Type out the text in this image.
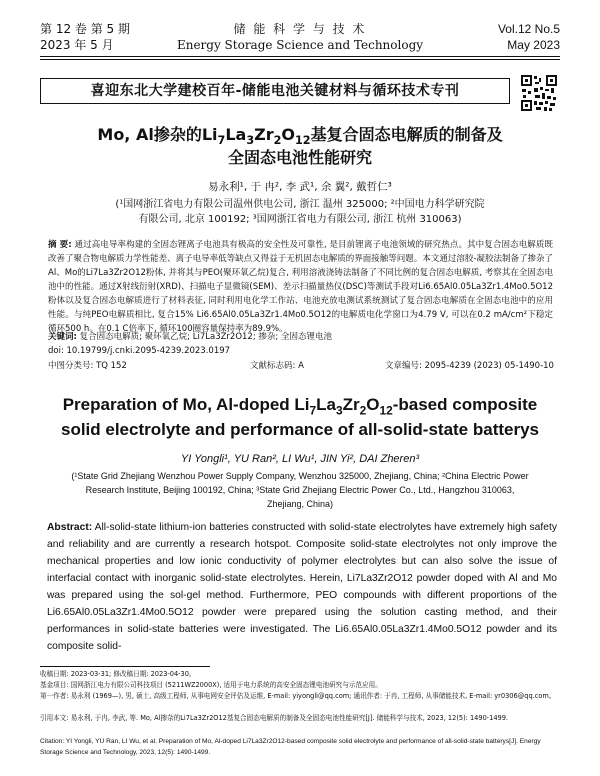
第 12 卷 第 5 期
2023 年 5 月
储 能 科 学 与 技 术
Energy Storage Science and Technology
Vol.12 No.5
May 2023
喜迎东北大学建校百年-储能电池关键材料与循环技术专刊
Mo, Al掺杂的$Li_7La_3Zr_2O_{12}$基复合固态电解质的制备及
全固态电池性能研究
易永利¹, 于 冉², 李 武¹, 余 翼², 戴哲仁³
(¹国网浙江省电力有限公司温州供电公司, 浙江 温州 325000; ²中国电力科学研究院
有限公司, 北京 100192; ³国网浙江省电力有限公司, 浙江 杭州 310063)
摘 要: 通过高电导率构建的全固态锂离子电池具有极高的安全性及可靠性, 是目前锂离子电池领域的研究热点。其中复合固态电解质既改善了聚合物电解质力学性能差、离子电导率低等缺点又得益于无机固态电解质的界面接触等问题。本文通过溶胶-凝胶法制备了掺杂了Al、Mo的Li7La3Zr2O12粉体, 并将其与PEO(聚环氧乙烷)复合, 利用溶液浇铸法制备了不同比例的复合固态电解质, 考察其在全固态电池中的性能。通过X射线衍射(XRD)、扫描电子显微镜(SEM)、差示扫描量热仪(DSC)等测试手段对Li6.65Al0.05La3Zr1.4Mo0.5O12粉体以及复合固态电解质进行了材料表征, 同时利用电化学工作站、电池充放电测试系统测试了复合固态电解质在全固态电池中的应用性能。与纯PEO电解质相比, 复合15% Li6.65Al0.05La3Zr1.4Mo0.5O12的电解质电化学窗口为4.79 V, 可以在0.2 mA/cm²下稳定循环500 h。在0.1 C倍率下, 循环100圈容量保持率为89.9%。
关键词: 复合固态电解质; 聚环氧乙烷; Li7La3Zr2O12; 掺杂; 全固态锂电池
doi: 10.19799/j.cnki.2095-4239.2023.0197
中图分类号: TQ 152	文献标志码: A	文章编号: 2095-4239 (2023) 05-1490-10
Preparation of Mo, Al-doped $Li_7La_3Zr_2O_{12}$-based composite
solid electrolyte and performance of all-solid-state batterys
YI Yongli¹, YU Ran², LI Wu¹, JIN Yi², DAI Zheren³
(¹State Grid Zhejiang Wenzhou Power Supply Company, Wenzhou 325000, Zhejiang, China; ²China Electric Power
Research Institute, Beijing 100192, China; ³State Grid Zhejiang Electric Power Co., Ltd., Hangzhou 310063,
Zhejiang, China)
Abstract: All-solid-state lithium-ion batteries constructed with solid-state electrolytes have extremely high safety and reliability and are currently a research hotspot. Composite solid-state electrolytes not only improve the mechanical properties and low ionic conductivity of polymer electrolytes but can also solve the issue of interfacial contact with inorganic solid-state electrolytes. Herein, Li7La3Zr2O12 powder doped with Al and Mo was prepared using the sol-gel method. Furthermore, PEO compounds with different proportions of the Li6.65Al0.05La3Zr1.4Mo0.5O12 powder were prepared using the solution casting method, and their performances in solid-state batteries were investigated. The Li6.65Al0.05La3Zr1.4Mo0.5O12 powder and its composite solid-
收稿日期: 2023-03-31; 修改稿日期: 2023-04-30。
基金项目: 国网浙江电力有限公司科技项目 (5211WZ2000X), 适用于电力系统的高安全固态锂电池研究与示范应用。
第一作者: 易永利 (1969—), 男, 硕士, 高级工程师, 从事电网安全评估及运维, E-mail: yiyongli@qq.com; 通讯作者: 于冉, 工程师, 从事储能技术, E-mail: yr0306@qq.com。
引用本文: 易永利, 于冉, 李武, 等. Mo, Al掺杂的Li7La3Zr2O12基复合固态电解质的制备及全固态电池性能研究[J]. 储能科学与技术, 2023, 12(5): 1490-1499.
Citation: YI Yongli, YU Ran, LI Wu, et al. Preparation of Mo, Al-doped Li7La3Zr2O12-based composite solid electrolyte and performance of all-solid-state batterys[J]. Energy Storage Science and Technology, 2023, 12(5): 1490-1499.
